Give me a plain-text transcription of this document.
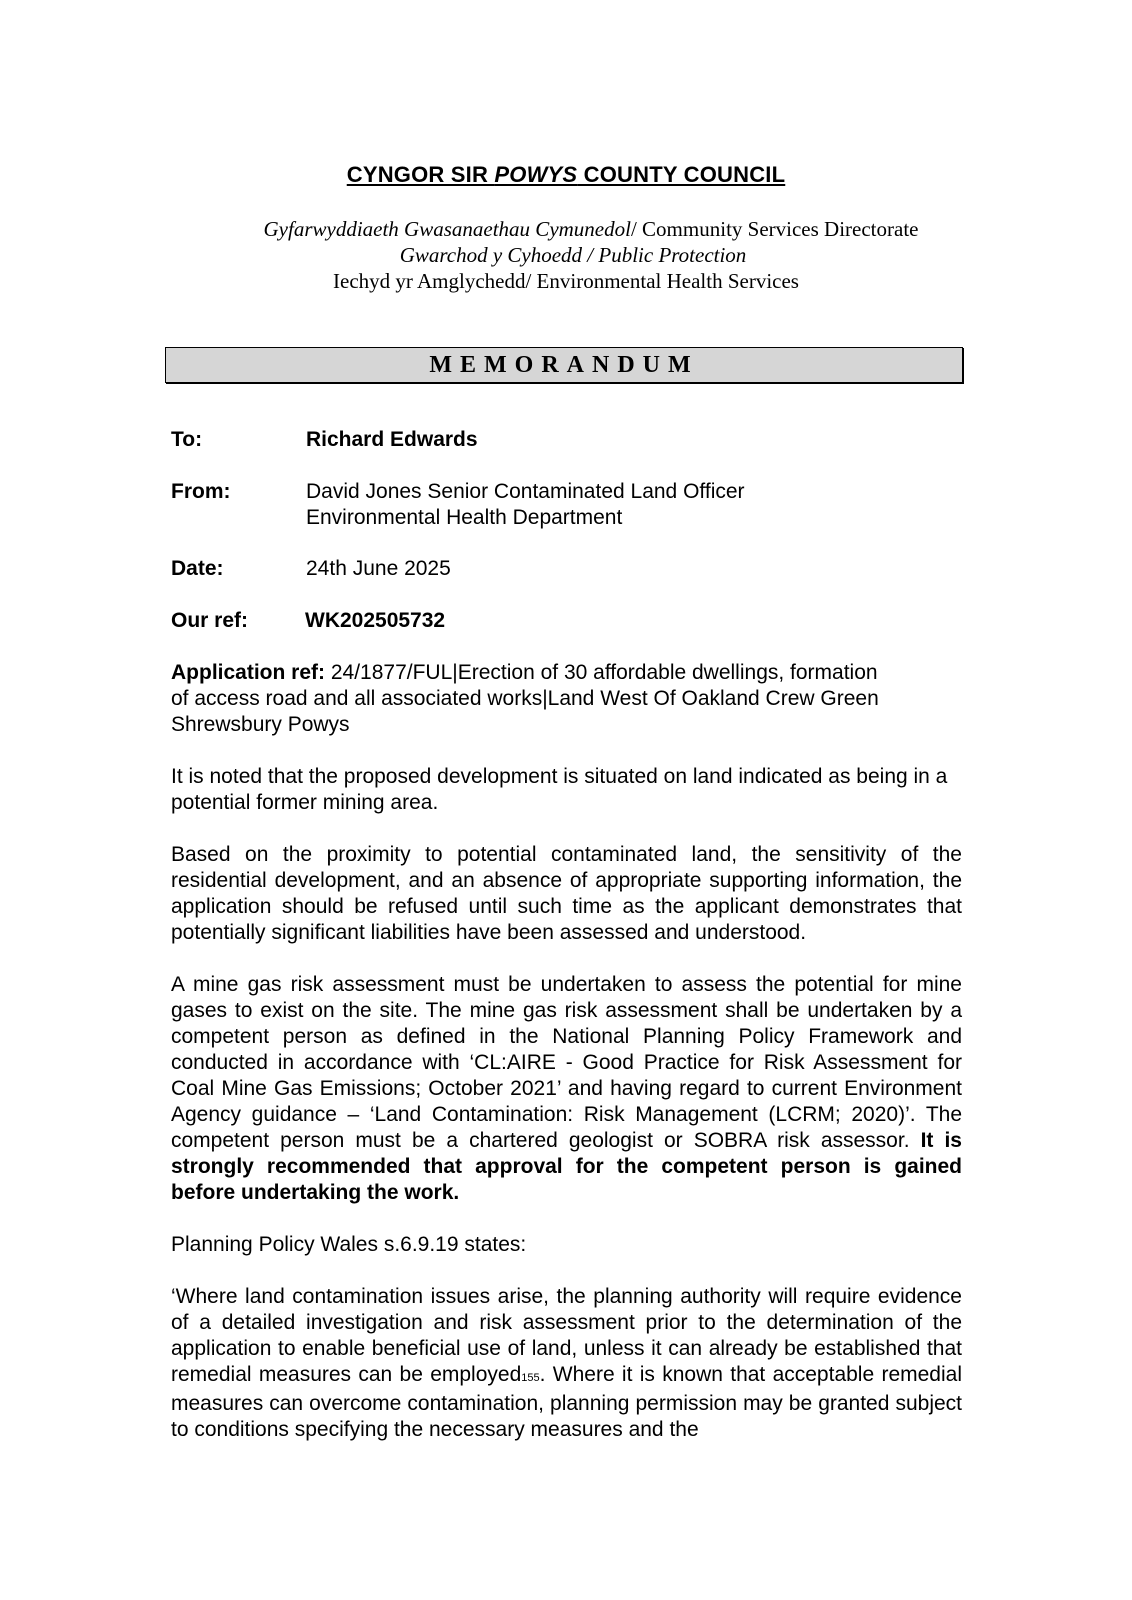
CYNGOR SIR POWYS COUNTY COUNCIL
Gyfarwyddiaeth Gwasanaethau Cymunedol/ Community Services Directorate
Gwarchod y Cyhoedd / Public Protection
Iechyd yr Amglychedd/ Environmental Health Services
MEMORANDUM
To:	Richard Edwards
From:	David Jones Senior Contaminated Land Officer
Environmental Health Department
Date:	24th June 2025
Our ref:	WK202505732
Application ref: 24/1877/FUL|Erection of 30 affordable dwellings, formation
of access road and all associated works|Land West Of Oakland Crew Green
Shrewsbury Powys

It is noted that the proposed development is situated on land indicated as being in a potential former mining area.

Based on the proximity to potential contaminated land, the sensitivity of the residential development, and an absence of appropriate supporting information, the application should be refused until such time as the applicant demonstrates that potentially significant liabilities have been assessed and understood.

A mine gas risk assessment must be undertaken to assess the potential for mine gases to exist on the site. The mine gas risk assessment shall be undertaken by a competent person as defined in the National Planning Policy Framework and conducted in accordance with ‘CL:AIRE - Good Practice for Risk Assessment for Coal Mine Gas Emissions; October 2021’ and having regard to current Environment Agency guidance – ‘Land Contamination: Risk Management (LCRM; 2020)’. The competent person must be a chartered geologist or SOBRA risk assessor. It is strongly recommended that approval for the competent person is gained before undertaking the work.

Planning Policy Wales s.6.9.19 states:

‘Where land contamination issues arise, the planning authority will require evidence of a detailed investigation and risk assessment prior to the determination of the application to enable beneficial use of land, unless it can already be established that remedial measures can be employed155. Where it is known that acceptable remedial measures can overcome contamination, planning permission may be granted subject to conditions specifying the necessary measures and the
